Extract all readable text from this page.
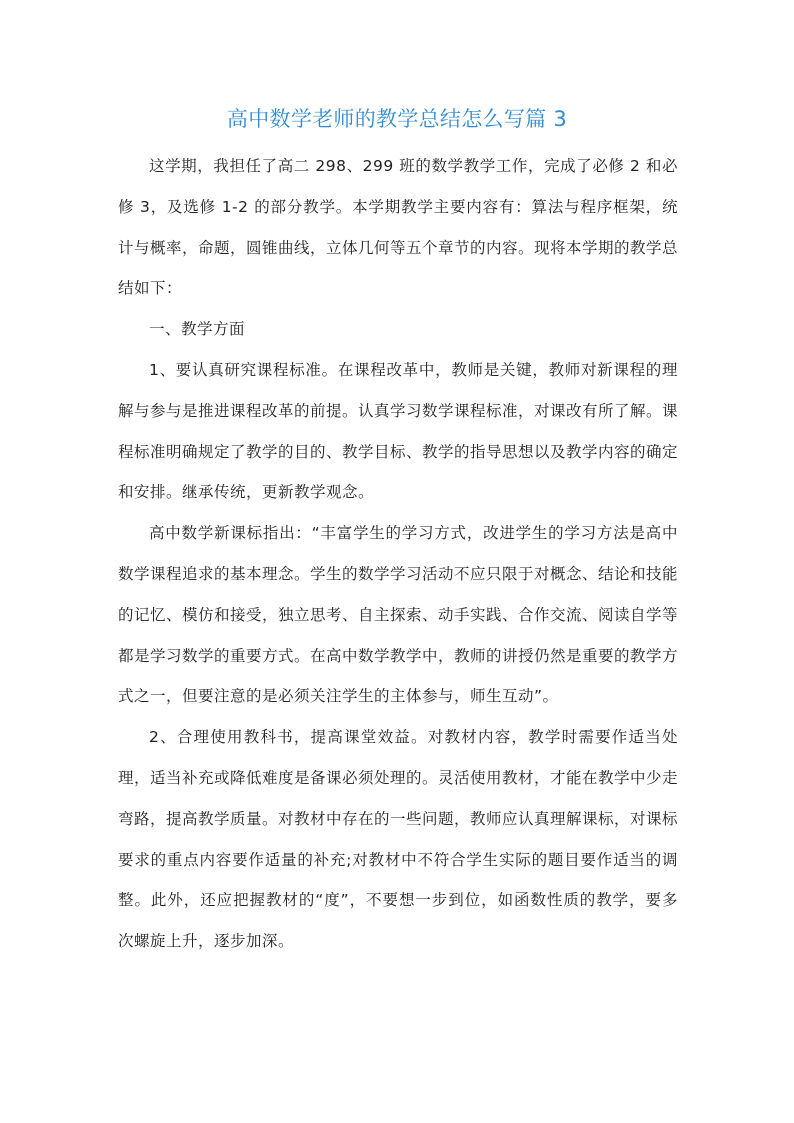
高中数学老师的教学总结怎么写篇 3

这学期，我担任了高二 298、299 班的数学教学工作，完成了必修 2 和必修 3，及选修 1-2 的部分教学。本学期教学主要内容有：算法与程序框架，统计与概率，命题，圆锥曲线，立体几何等五个章节的内容。现将本学期的教学总结如下：

一、教学方面

1、要认真研究课程标准。在课程改革中，教师是关键，教师对新课程的理解与参与是推进课程改革的前提。认真学习数学课程标准，对课改有所了解。课程标准明确规定了教学的目的、教学目标、教学的指导思想以及教学内容的确定和安排。继承传统，更新教学观念。

高中数学新课标指出：“丰富学生的学习方式，改进学生的学习方法是高中数学课程追求的基本理念。学生的数学学习活动不应只限于对概念、结论和技能的记忆、模仿和接受，独立思考、自主探索、动手实践、合作交流、阅读自学等都是学习数学的重要方式。在高中数学教学中，教师的讲授仍然是重要的教学方式之一，但要注意的是必须关注学生的主体参与，师生互动”。

2、合理使用教科书，提高课堂效益。对教材内容，教学时需要作适当处理，适当补充或降低难度是备课必须处理的。灵活使用教材，才能在教学中少走弯路，提高教学质量。对教材中存在的一些问题，教师应认真理解课标，对课标要求的重点内容要作适量的补充;对教材中不符合学生实际的题目要作适当的调整。此外，还应把握教材的“度”，不要想一步到位，如函数性质的教学，要多次螺旋上升，逐步加深。
